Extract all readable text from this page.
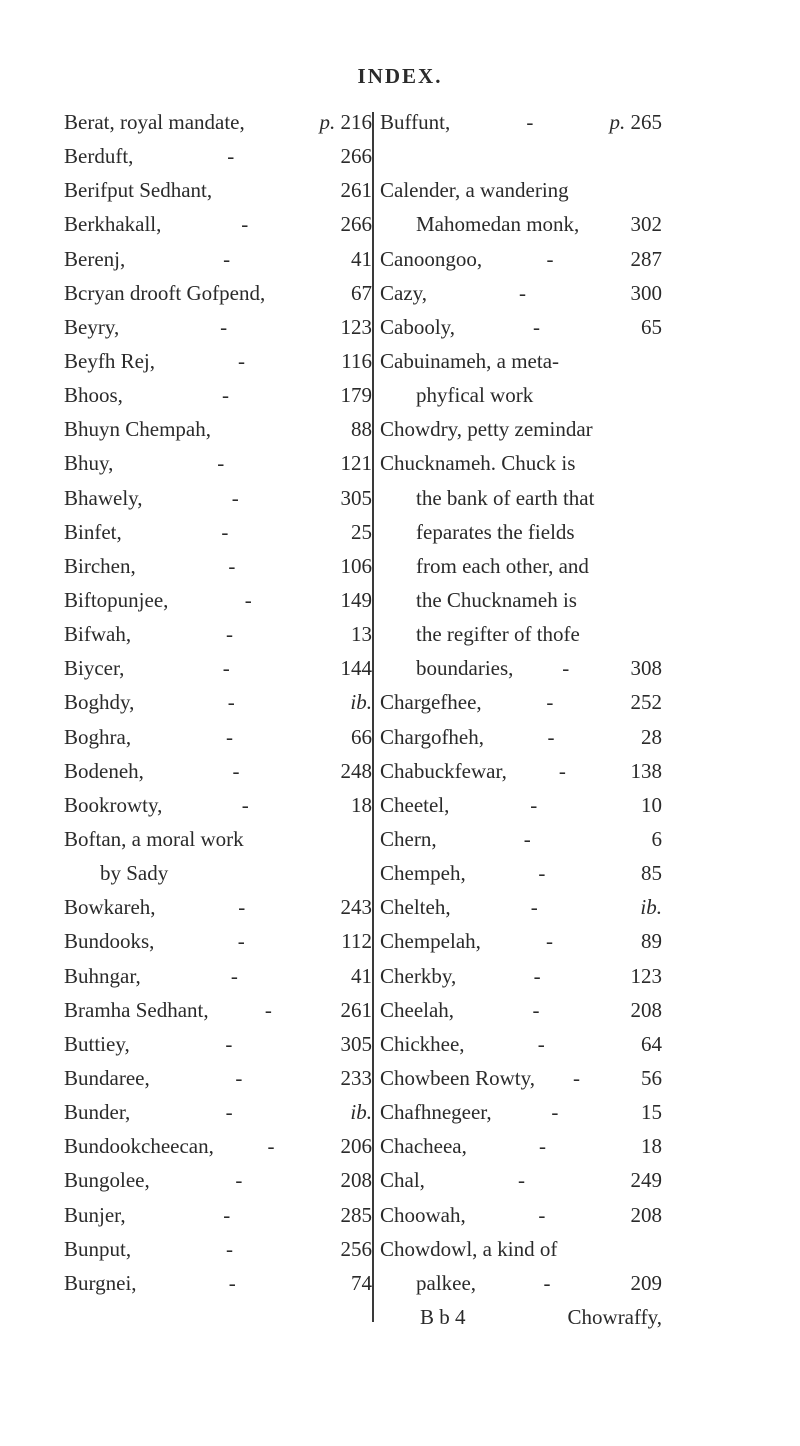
INDEX.
Berat, royal mandate,	p. 216
Berduft,	-	266
Berifput Sedhant,	261
Berkhakall,	-	266
Berenj,	-	41
Bcryan drooft Gofpend,	67
Beyry,	-	123
Beyfh Rej,	-	116
Bhoos,	-	179
Bhuyn Chempah,	88
Bhuy,	-	121
Bhawely,	-	305
Binfet,	-	25
Birchen,	-	106
Biftopunjee,	-	149
Bifwah,	-	13
Biycer,	-	144
Boghdy,	-	ib.
Boghra,	-	66
Bodeneh,	-	248
Bookrowty,	-	18
Boftan, a moral work
by Sady
Bowkareh,	-	243
Bundooks,	-	112
Buhngar,	-	41
Bramha Sedhant,	-	261
Buttiey,	-	305
Bundaree,	-	233
Bunder,	-	ib.
Bundookcheecan,	-	206
Bungolee,	-	208
Bunjer,	-	285
Bunput,	-	256
Burgnei,	-	74
Buffunt,	-	p. 265
Calender, a wandering
Mahomedan monk,	302
Canoongoo,	-	287
Cazy,	-	300
Cabooly,	-	65
Cabuinameh, a meta-
phyfical work
Chowdry, petty zemindar
Chucknameh. Chuck is
the bank of earth that
feparates the fields
from each other, and
the Chucknameh is
the regifter of thofe
boundaries,	-	308
Chargefhee,	-	252
Chargofheh,	-	28
Chabuckfewar,	-	138
Cheetel,	-	10
Chern,	-	6
Chempeh,	-	85
Chelteh,	-	ib.
Chempelah,	-	89
Cherkby,	-	123
Cheelah,	-	208
Chickhee,	-	64
Chowbeen Rowty,	-	56
Chafhnegeer,	-	15
Chacheea,	-	18
Chal,	-	249
Choowah,	-	208
Chowdowl, a kind of
palkee,	-	209
B b 4	Chowraffy,
